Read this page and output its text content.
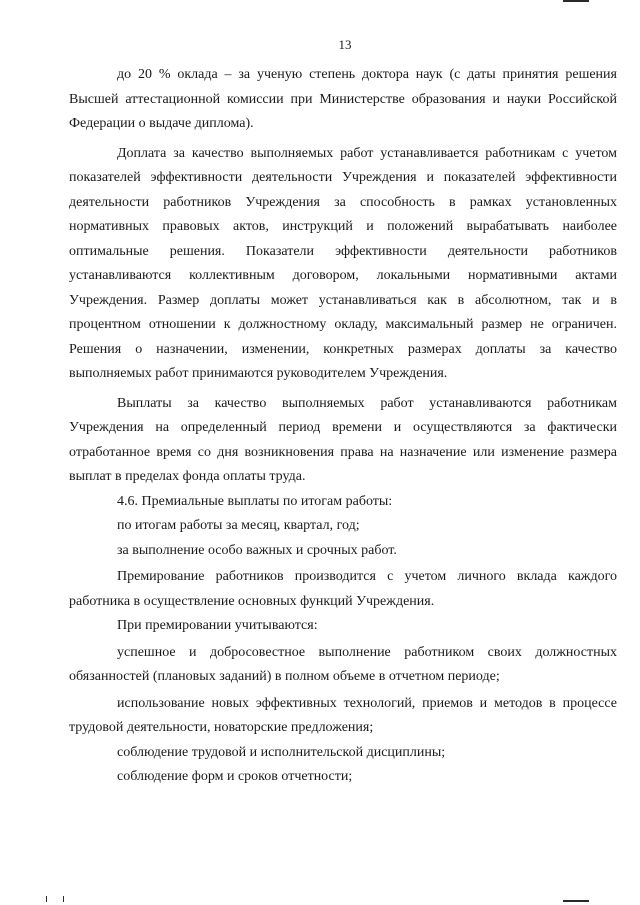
13

до 20 % оклада – за ученую степень доктора наук (с даты принятия решения Высшей аттестационной комиссии при Министерстве образования и науки Российской Федерации о выдаче диплома).

Доплата за качество выполняемых работ устанавливается работникам с учетом показателей эффективности деятельности Учреждения и показателей эффективности деятельности работников Учреждения за способность в рамках установленных нормативных правовых актов, инструкций и положений вырабатывать наиболее оптимальные решения. Показатели эффективности деятельности работников устанавливаются коллективным договором, локальными нормативными актами Учреждения. Размер доплаты может устанавливаться как в абсолютном, так и в процентном отношении к должностному окладу, максимальный размер не ограничен. Решения о назначении, изменении, конкретных размерах доплаты за качество выполняемых работ принимаются руководителем Учреждения.

Выплаты за качество выполняемых работ устанавливаются работникам Учреждения на определенный период времени и осуществляются за фактически отработанное время со дня возникновения права на назначение или изменение размера выплат в пределах фонда оплаты труда.

4.6. Премиальные выплаты по итогам работы:

по итогам работы за месяц, квартал, год;

за выполнение особо важных и срочных работ.

Премирование работников производится с учетом личного вклада каждого работника в осуществление основных функций Учреждения.

При премировании учитываются:

успешное и добросовестное выполнение работником своих должностных обязанностей (плановых заданий) в полном объеме в отчетном периоде;

использование новых эффективных технологий, приемов и методов в процессе трудовой деятельности, новаторские предложения;

соблюдение трудовой и исполнительской дисциплины;

соблюдение форм и сроков отчетности;
